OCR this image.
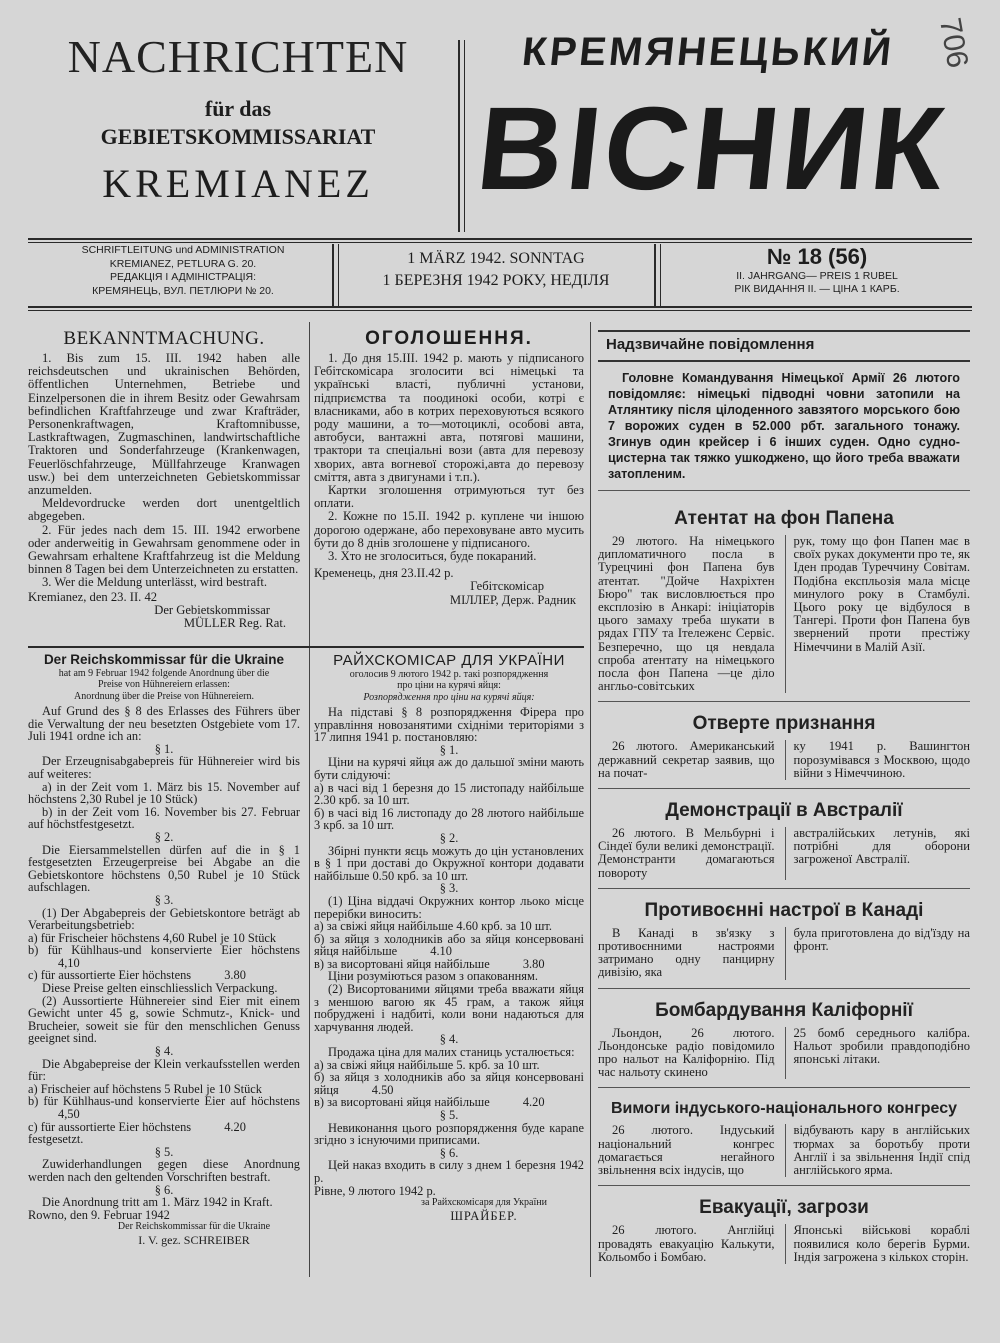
NACHRICHTEN
für das
GEBIETSKOMMISSARIAT
KREMIANEZ
КРЕМЯНЕЦЬКИЙ
ВІСНИК
706
SCHRIFTLEITUNG und ADMINISTRATION
KREMIANEZ, PETLURA G. 20.
РЕДАКЦІЯ І АДМІНІСТРАЦІЯ:
КРЕМЯНЕЦЬ, ВУЛ. ПЕТЛЮРИ № 20.
1 MÄRZ 1942. SONNTAG
1 БЕРЕЗНЯ 1942 РОКУ, НЕДІЛЯ
№ 18 (56)
II. JAHRGANG— PREIS 1 RUBEL
РІК ВИДАННЯ II. — ЦІНА 1 КАРБ.
BEKANNTMACHUNG.

1. Bis zum 15. III. 1942 haben alle reichsdeutschen und ukrainischen Behörden, öffentlichen Unternehmen, Betriebe und Einzelpersonen die in ihrem Besitz oder Gewahrsam befindlichen Kraftfahrzeuge und zwar Krafträder, Personenkraftwagen, Kraftomnibusse, Lastkraftwagen, Zugmaschinen, landwirtschaftliche Traktoren und Sonderfahrzeuge (Krankenwagen, Feuerlöschfahrzeuge, Müllfahrzeuge Kranwagen usw.) bei dem unterzeichneten Gebietskommissar anzumelden.

Meldevordrucke werden dort unentgeltlich abgegeben.

2. Für jedes nach dem 15. III. 1942 erworbene oder anderweitig in Gewahrsam genommene oder in Gewahrsam erhaltene Kraftfahrzeug ist die Meldung binnen 8 Tagen bei dem Unterzeichneten zu erstatten.

3. Wer die Meldung unterlässt, wird bestraft.

Kremianez, den 23. II. 42
Der Gebietskommissar
MÜLLER Reg. Rat.
ОГОЛОШЕННЯ.

1. До дня 15.III. 1942 р. мають у підписаного Гебітскомісара зголосити всі німецькі та українські власті, публичні установи, підприємства та поодинокі особи, котрі є власниками, або в котрих переховуються всякого роду машини, а то—мотоциклі, особові авта, автобуси, вантажні авта, потягові машини, трактори та спеціальні вози (авта для перевозу хворих, авта вогневої сторожі,авта до перевозу сміття, авта з двигунами і т.п.).

Картки зголошення отримуються тут без оплати.

2. Кожне по 15.II. 1942 р. куплене чи іншою дорогою одержане, або переховуване авто мусить бути до 8 днів зголошене у підписаного.

3. Хто не зголоситься, буде покараний.

Кременець, дня 23.II.42 р.
Гебітскомісар
МІЛЛЕР, Держ. Радник
Der Reichskommissar für die Ukraine
hat am 9 Februar 1942 folgende Anordnung über die Preise von Hühnereiern erlassen:
Anordnung über die Preise von Hühnereiern.

Auf Grund des § 8 des Erlasses des Führers über die Verwaltung der neu besetzten Ostgebiete vom 17. Juli 1941 ordne ich an:

§ 1.

Der Erzeugnisabgabepreis für Hühnereier wird bis auf weiteres:

a) in der Zeit vom 1. März bis 15. November auf höchstens 2,30 Rubel je 10 Stück)

b) in der Zeit vom 16. November bis 27. Februar auf höchstfestgesetzt.

§ 2.

Die Eiersammelstellen dürfen auf die in § 1 festgesetzten Erzeugerpreise bei Abgabe an die Gebietskontore höchstens 0,50 Rubel je 10 Stück aufschlagen.

§ 3.

(1) Der Abgabepreis der Gebietskontore beträgt ab Verarbeitungsbetrieb:

a) für Frischeier höchstens 4,60 Rubel je 10 Stück
b) für Kühlhaus-und konservierte Eier höchstens 4,10
c) für aussortierte Eier höchstens	3.80

Diese Preise gelten einschliesslich Verpackung.

(2) Aussortierte Hühnereier sind Eier mit einem Gewicht unter 45 g, sowie Schmutz-, Knick- und Brucheier, soweit sie für den menschlichen Genuss geeignet sind.

§ 4.

Die Abgabepreise der Klein verkaufsstellen werden für:

a) Frischeier auf höchstens 5 Rubel je 10 Stück
b) für Kühlhaus-und konservierte Eier auf höchstens 4,50
c) für aussortierte Eier höchstens	4.20
festgesetzt.
§ 5.

Zuwiderhandlungen gegen diese Anordnung werden nach den geltenden Vorschriften bestraft.

§ 6.

Die Anordnung tritt am 1. März 1942 in Kraft.

Rowno, den 9. Februar 1942
Der Reichskommissar für die Ukraine
I. V. gez. SCHREIBER
РАЙХСКОМІСАР ДЛЯ УКРАЇНИ
оголосив 9 лютого 1942 р. такі розпорядження про ціни на курячі яйця:
Розпорядження про ціни на курячі яйця:

На підставі § 8 розпорядження Фірера про управління новозанятими східніми територіями з 17 липня 1941 р. постановляю:

§ 1.

Ціни на курячі яйця аж до дальшої зміни мають бути слідуючі:

а) в часі від 1 березня до 15 листопаду найбільше 2.30 крб. за 10 шт.
б) в часі від 16 листопаду до 28 лютого найбільше 3 крб. за 10 шт.
§ 2.

Збірні пункти яєць можуть до цін установлених в § 1 при доставі до Окружної контори додавати найбільше 0.50 крб. за 10 шт.

§ 3.

(1) Ціна віддачі Окружних контор льоко місце перерібки виносить:

а) за свіжі яйця найбільше 4.60 крб. за 10 шт.
б) за яйця з холодників або за яйця консервовані яйця найбільше	4.10
в) за висортовані яйця найбільше	3.80

Ціни розуміються разом з опакованням.

(2) Висортованими яйцями треба вважати яйця з меншою вагою як 45 грам, а також яйця побруджені і надбиті, коли вони надаються для харчування людей.

§ 4.

Продажа ціна для малих станиць усталюється:

а) за свіжі яйця найбільше 5. крб. за 10 шт.
б) за яйця з холодників або за яйця консервовані яйця	4.50
в) за висортовані яйця найбільше	4.20
§ 5.

Невиконання цього розпорядження буде карane згідно з існуючими приписами.

§ 6.

Цей наказ входить в силу з днем 1 березня 1942 р.

Рівне, 9 лютого 1942 р.
за Райхскомісаря для України
ШРАЙБЕР.
Надзвичайне повідомлення
Головне Командування Німецької Армії 26 лютого повідомляє: німецькі підводні човни затопили на Атлянтику після цілоденного завзятого морського бою 7 ворожих суден в 52.000 рбт. загального тонажу. Згинув один крейсер і 6 інших суден. Одно судно-цистерна так тяжко ушкоджено, що його треба вважати затопленим.
Атентат на фон Папена
29 лютого. На німецького дипломатичного посла в Турецчині фон Папена був атентат. "Дойче Нахріхтен Бюро" так висловлюється про експлозію в Анкарі: ініціаторів цього замаху треба шукати в рядах ГПУ та Ітележенс Сервіс. Безперечно, що ця невдала спроба атентату на німецького посла фон Папена —це діло англьо-совітських
рук, тому що фон Папен має в своїх руках документи про те, як Іден продав Туреччину Совітам. Подібна експльозія мала місце минулого року в Стамбулі. Цього року це відбулося в Тангері. Проти фон Папена був звернений проти престіжу Німеччини в Малій Азії.
Отверте признання
26 лютого. Американський державний секретар заявив, що на почат-
ку 1941 р. Вашингтон порозумівався з Москвою, щодо війни з Німеччиною.
Демонстрації в Австралії
26 лютого. В Мельбурні і Сіндеї були великі демонстрації. Демонстранти домагаються повороту
австралійських летунів, які потрібні для оборони загроженої Австралії.
Противоєнні настрої в Канаді
В Канаді в зв'язку з противоєнними настроями затримано одну панцирну дивізію, яка
була приготовлена до від'їзду на фронт.
Бомбардування Каліфорнії
Льондон, 26 лютого. Льондонське радіо повідомило про нальот на Каліфорнію. Під час нальоту скинено
25 бомб середнього калібра. Нальот зробили правдоподібно японські літаки.
Вимоги індуського-національного конгресу
26 лютого. Індуський національний конгрес домагається негайного звільнення всіх індусів, що
відбувають кару в англійських тюрмах за боротьбу проти Англії і за звільнення Індії спід англійського ярма.
Евакуації, загрози
26 лютого. Англійці провадять евакуацію Калькути, Кольомбо і Бомбаю.
Японські військові кораблі появилися коло берегів Бурми. Індія загрожена з кількох сторін.
